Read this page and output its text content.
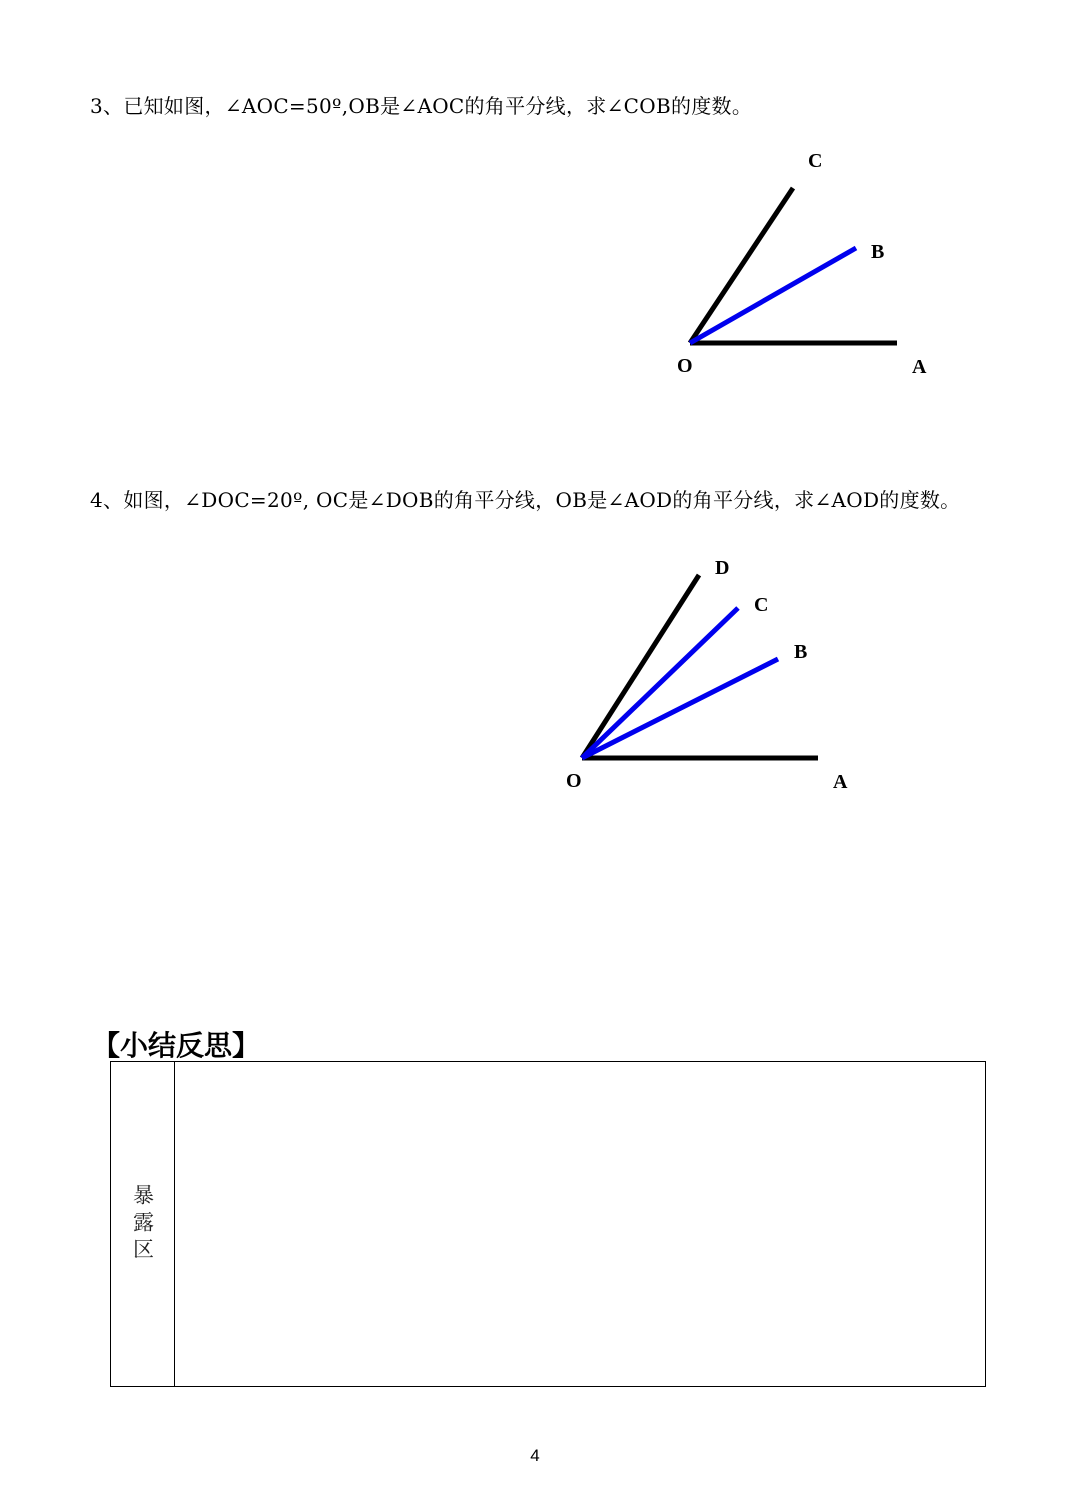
3、已知如图，∠AOC=50º,OB是∠AOC的角平分线，求∠COB的度数。
C
B
O	A
4、如图，∠DOC=20º, OC是∠DOB的角平分线，OB是∠AOD的角平分线，求∠AOD的度数。
D
C
B
O	A
【小结反思】
暴露区
4
